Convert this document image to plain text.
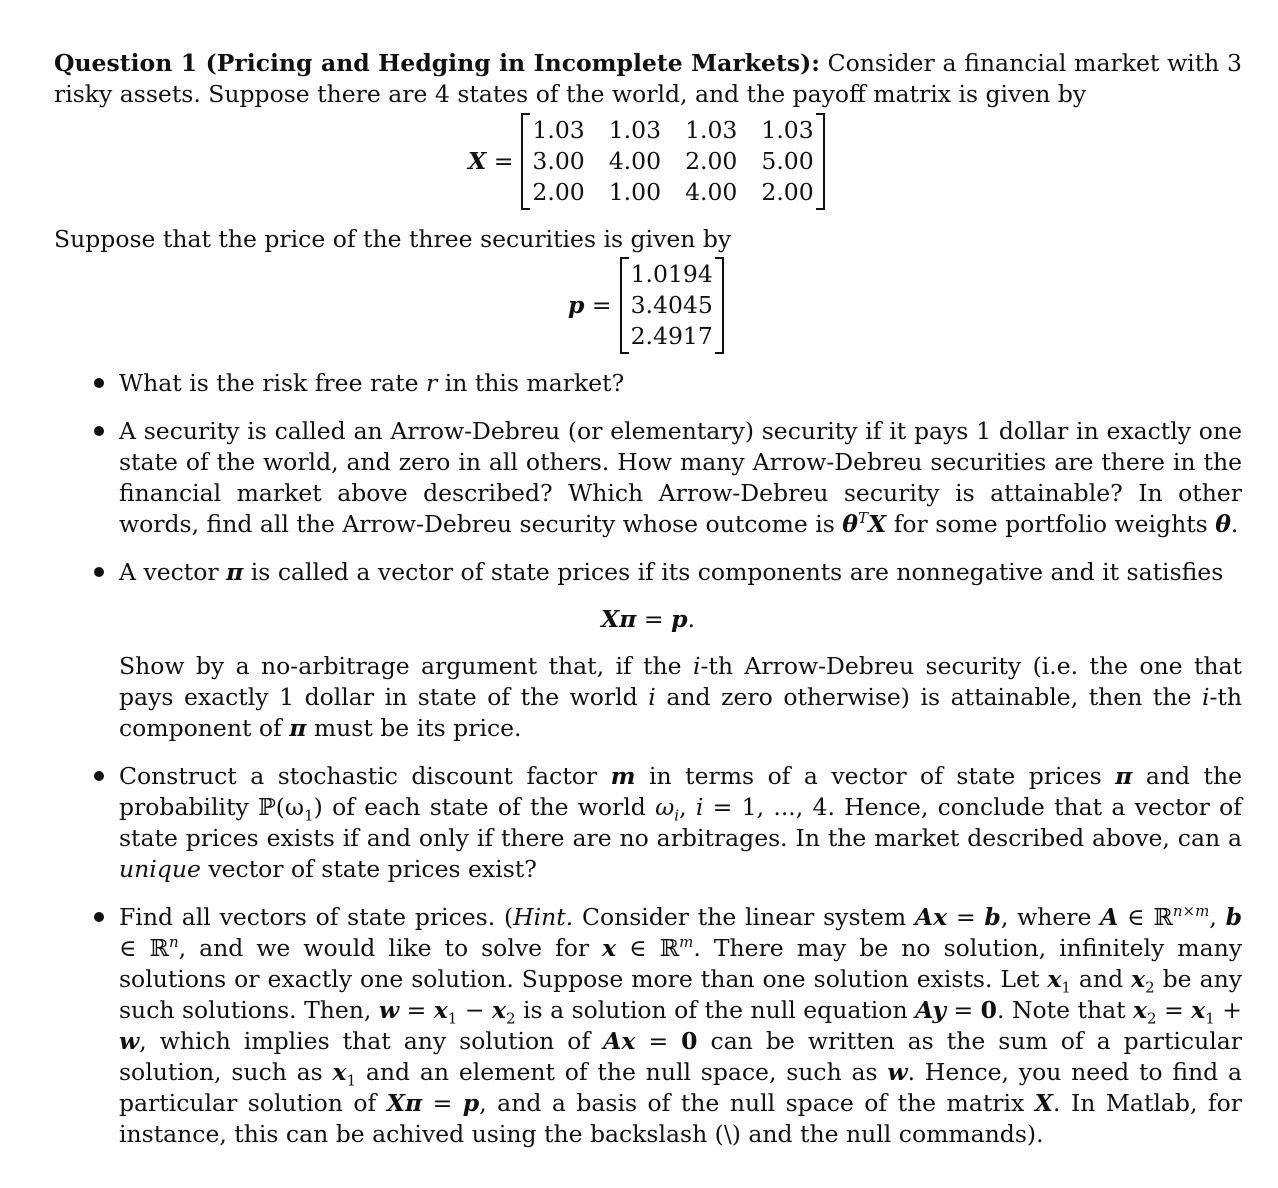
Question 1 (Pricing and Hedging in Incomplete Markets): Consider a financial market with 3 risky assets. Suppose there are 4 states of the world, and the payoff matrix is given by

X =
1.03	1.03	1.03	1.03
3.00	4.00	2.00	5.00
2.00	1.00	4.00	2.00

Suppose that the price of the three securities is given by

p =
1.0194
3.4045
2.4917

What is the risk free rate r in this market?

A security is called an Arrow-Debreu (or elementary) security if it pays 1 dollar in exactly one state of the world, and zero in all others. How many Arrow-Debreu securities are there in the financial market above described? Which Arrow-Debreu security is attainable? In other words, find all the Arrow-Debreu security whose outcome is $\theta^TX$ for some portfolio weights θ.

A vector π is called a vector of state prices if its components are nonnegative and it satisfies

Xπ = p.

Show by a no-arbitrage argument that, if the i-th Arrow-Debreu security (i.e. the one that pays exactly 1 dollar in state of the world i and zero otherwise) is attainable, then the i-th component of π must be its price.

Construct a stochastic discount factor m in terms of a vector of state prices π and the probability $ℙ(\omega_1)$ of each state of the world $\omega_i$, i = 1, ..., 4. Hence, conclude that a vector of state prices exists if and only if there are no arbitrages. In the market described above, can a unique vector of state prices exist?

Find all vectors of state prices. (Hint. Consider the linear system Ax = b, where A ∈ ℝ$^{n\times m}$, b ∈ ℝ$^n$, and we would like to solve for x ∈ ℝ$^m$. There may be no solution, infinitely many solutions or exactly one solution. Suppose more than one solution exists. Let $x_1$ and $x_2$ be any such solutions. Then, $w = x_1 - x_2$ is a solution of the null equation Ay = 0. Note that $x_2 = x_1 + w$, which implies that any solution of Ax = 0 can be written as the sum of a particular solution, such as $x_1$ and an element of the null space, such as w. Hence, you need to find a particular solution of Xπ = p, and a basis of the null space of the matrix X. In Matlab, for instance, this can be achived using the backslash (\) and the null commands).
